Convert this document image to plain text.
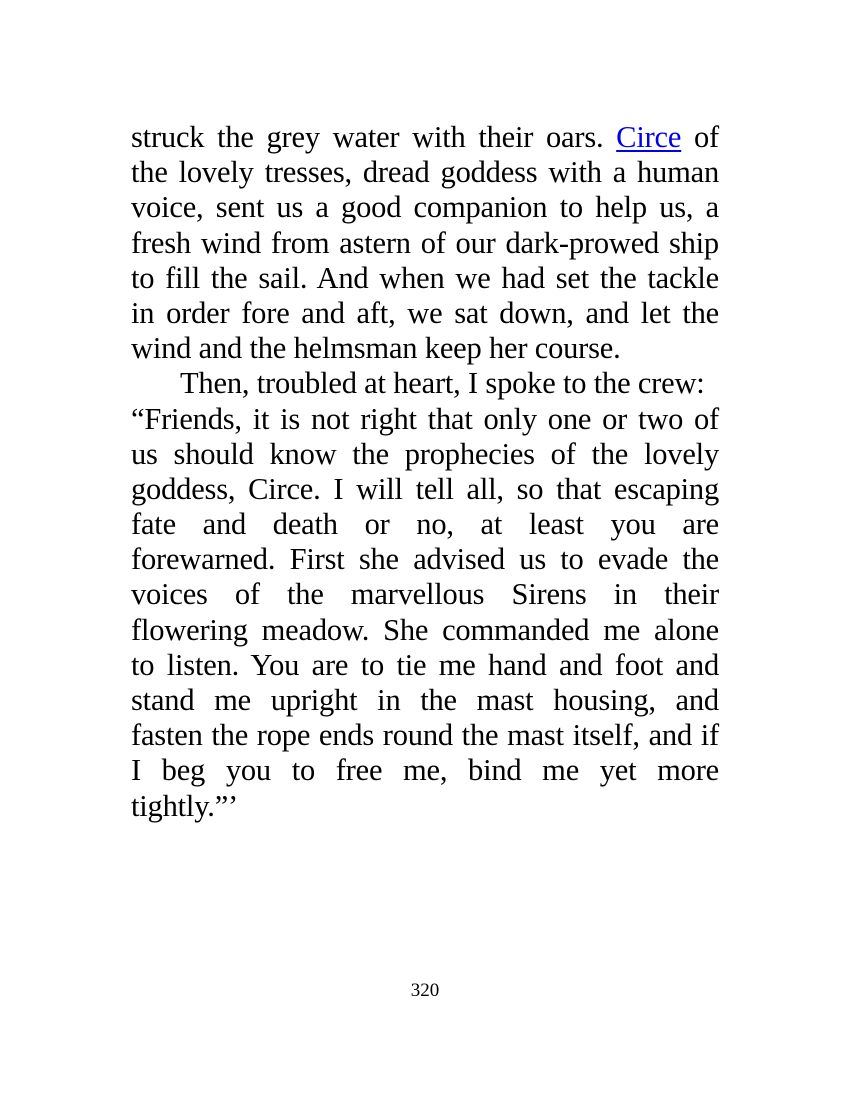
struck the grey water with their oars. Circe of
the lovely tresses, dread goddess with a human
voice, sent us a good companion to help us, a
fresh wind from astern of our dark-prowed ship
to fill the sail. And when we had set the tackle
in order fore and aft, we sat down, and let the
wind and the helmsman keep her course.
Then, troubled at heart, I spoke to the crew:
“Friends, it is not right that only one or two of
us should know the prophecies of the lovely
goddess, Circe. I will tell all, so that escaping
fate and death or no, at least you are
forewarned. First she advised us to evade the
voices of the marvellous Sirens in their
flowering meadow. She commanded me alone
to listen. You are to tie me hand and foot and
stand me upright in the mast housing, and
fasten the rope ends round the mast itself, and if
I beg you to free me, bind me yet more
tightly.”’
320
